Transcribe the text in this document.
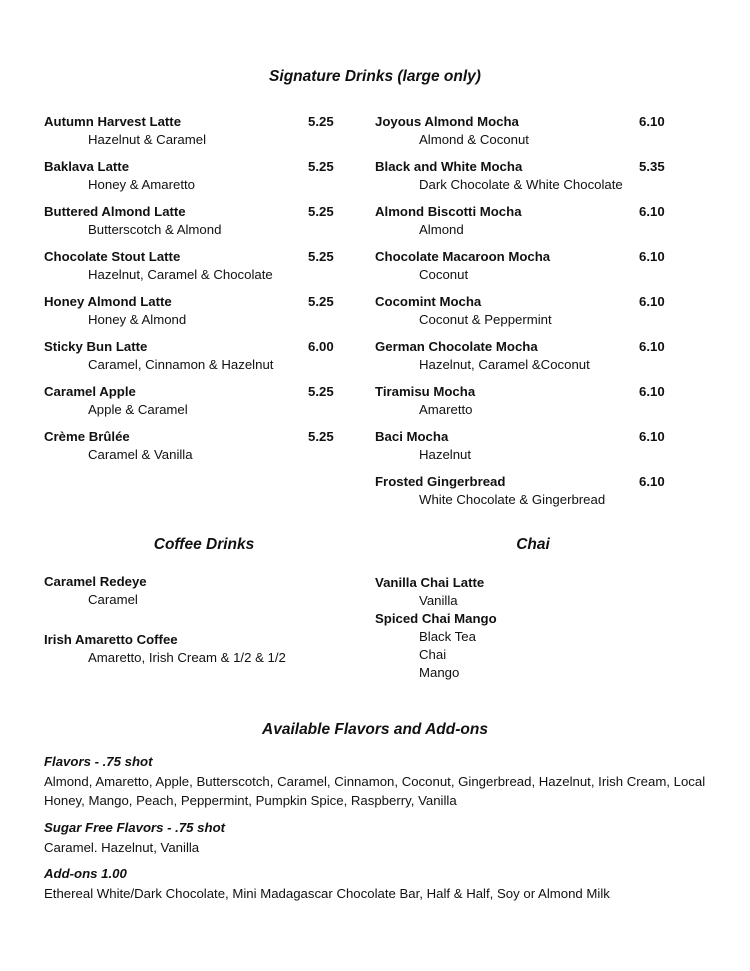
Signature Drinks (large only)
Autumn Harvest Latte	5.25
Hazelnut & Caramel
Baklava Latte	5.25
Honey & Amaretto
Buttered Almond Latte	5.25
Butterscotch & Almond
Chocolate Stout Latte	5.25
Hazelnut, Caramel & Chocolate
Honey Almond Latte	5.25
Honey & Almond
Sticky Bun Latte	6.00
Caramel, Cinnamon & Hazelnut
Caramel Apple	5.25
Apple & Caramel
Crème Brûlée	5.25
Caramel & Vanilla
Joyous Almond Mocha	6.10
Almond & Coconut
Black and White Mocha	5.35
Dark Chocolate & White Chocolate
Almond Biscotti Mocha	6.10
Almond
Chocolate Macaroon Mocha	6.10
Coconut
Cocomint Mocha	6.10
Coconut & Peppermint
German Chocolate Mocha	6.10
Hazelnut, Caramel &Coconut
Tiramisu Mocha	6.10
Amaretto
Baci Mocha	6.10
Hazelnut
Frosted Gingerbread	6.10
White Chocolate & Gingerbread
Coffee Drinks	Chai
Caramel Redeye
Caramel
Irish Amaretto Coffee
Amaretto, Irish Cream & 1/2 & 1/2
Vanilla Chai Latte
Vanilla
Spiced Chai Mango
Black Tea
Chai
Mango
Available Flavors and Add-ons
Flavors - .75 shot
Almond, Amaretto, Apple, Butterscotch, Caramel, Cinnamon, Coconut, Gingerbread, Hazelnut, Irish Cream, Local Honey, Mango, Peach, Peppermint, Pumpkin Spice, Raspberry, Vanilla
Sugar Free Flavors - .75 shot
Caramel. Hazelnut, Vanilla
Add-ons 1.00
Ethereal White/Dark Chocolate, Mini Madagascar Chocolate Bar, Half & Half, Soy or Almond Milk
